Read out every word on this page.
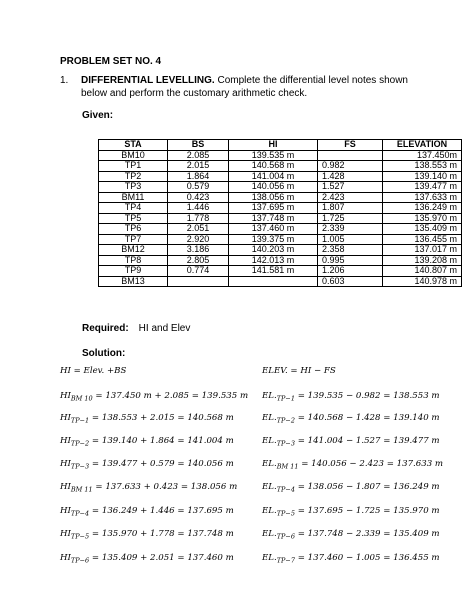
PROBLEM SET NO. 4
1. DIFFERENTIAL LEVELLING. Complete the differential level notes shown below and perform the customary arithmetic check.
Given:
STA	BS	HI	FS	ELEVATION
BM10	2.085	139.535 m		137.450m
TP1	2.015	140.568 m	0.982	138.553 m
TP2	1.864	141.004 m	1.428	139.140 m
TP3	0.579	140.056 m	1.527	139.477 m
BM11	0.423	138.056 m	2.423	137.633 m
TP4	1.446	137.695 m	1.807	136.249 m
TP5	1.778	137.748 m	1.725	135.970 m
TP6	2.051	137.460 m	2.339	135.409 m
TP7	2.920	139.375 m	1.005	136.455 m
BM12	3.186	140.203 m	2.358	137.017 m
TP8	2.805	142.013 m	0.995	139.208 m
TP9	0.774	141.581 m	1.206	140.807 m
BM13			0.603	140.978 m
Required: HI and Elev
Solution:
HI = Elev. +BS
$HI_{BM 10} = 137.450$ m + 2.085 = 139.535 m
$HI_{TP-1} = 138.553 + 2.015 = 140.568$ m
$HI_{TP-2} = 139.140 + 1.864 = 141.004$ m
$HI_{TP-3} = 139.477 + 0.579 = 140.056$ m
$HI_{BM 11} = 137.633 + 0.423 = 138.056$ m
$HI_{TP-4} = 136.249 + 1.446 = 137.695$ m
$HI_{TP-5} = 135.970 + 1.778 = 137.748$ m
$HI_{TP-6} = 135.409 + 2.051 = 137.460$ m
ELEV. = HI − FS
$EL._{TP-1} = 139.535 - 0.982 = 138.553$ m
$EL._{TP-2} = 140.568 - 1.428 = 139.140$ m
$EL._{TP-3} = 141.004 - 1.527 = 139.477$ m
$EL._{BM 11} = 140.056 - 2.423 = 137.633$ m
$EL._{TP-4} = 138.056 - 1.807 = 136.249$ m
$EL._{TP-5} = 137.695 - 1.725 = 135.970$ m
$EL._{TP-6} = 137.748 - 2.339 = 135.409$ m
$EL._{TP-7} = 137.460 - 1.005 = 136.455$ m
